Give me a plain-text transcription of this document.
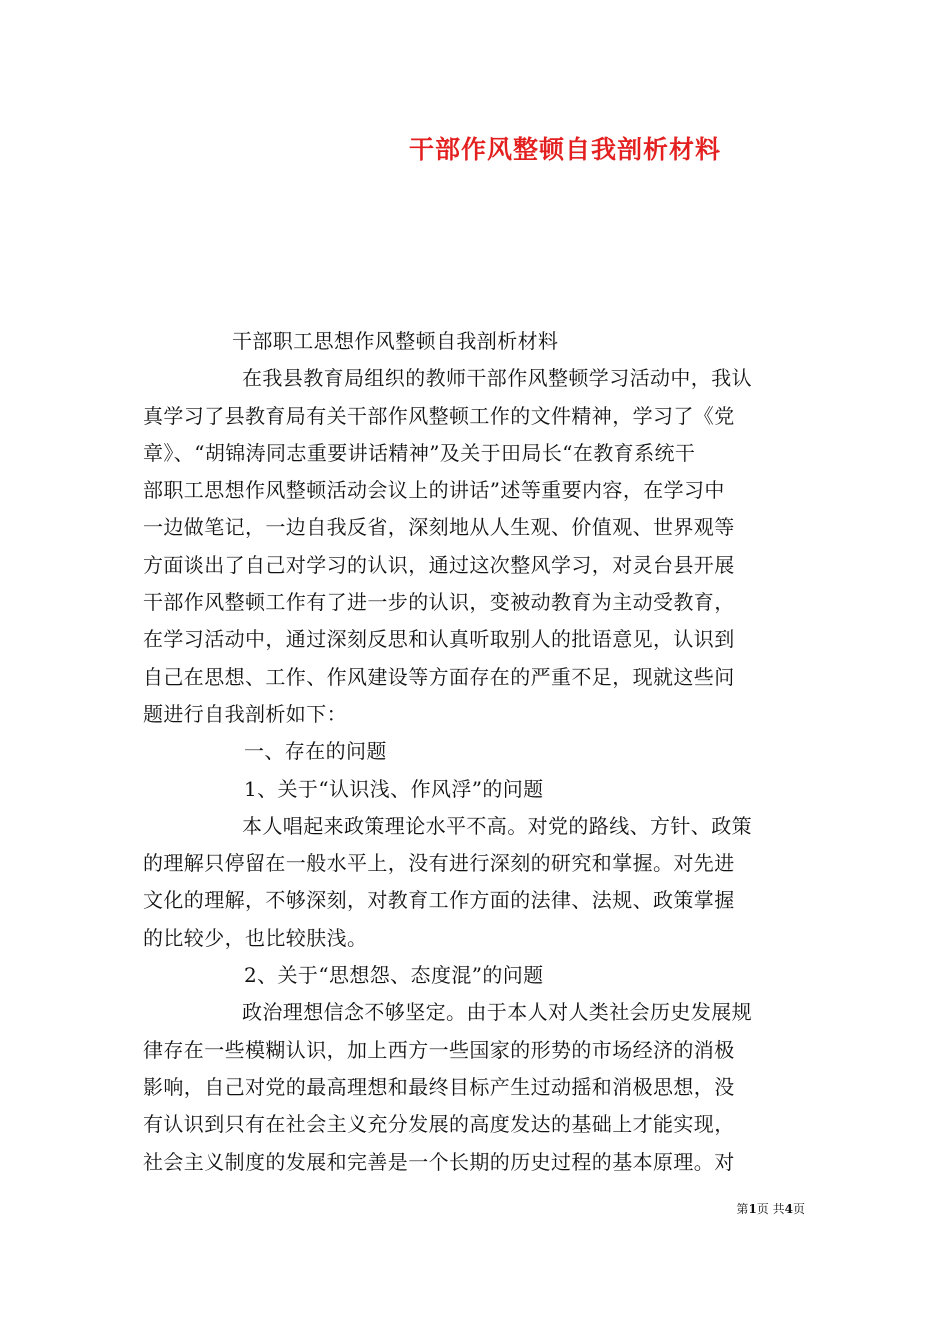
干部作风整顿自我剖析材料
干部职工思想作风整顿自我剖析材料
在我县教育局组织的教师干部作风整顿学习活动中，我认
真学习了县教育局有关干部作风整顿工作的文件精神，学习了《党
章》、“胡锦涛同志重要讲话精神”及关于田局长“在教育系统干
部职工思想作风整顿活动会议上的讲话”述等重要内容，在学习中
一边做笔记，一边自我反省，深刻地从人生观、价值观、世界观等
方面谈出了自己对学习的认识，通过这次整风学习，对灵台县开展
干部作风整顿工作有了进一步的认识，变被动教育为主动受教育，
在学习活动中，通过深刻反思和认真听取别人的批语意见，认识到
自己在思想、工作、作风建设等方面存在的严重不足，现就这些问
题进行自我剖析如下：
一、存在的问题
1、关于“认识浅、作风浮”的问题
本人唱起来政策理论水平不高。对党的路线、方针、政策
的理解只停留在一般水平上，没有进行深刻的研究和掌握。对先进
文化的理解，不够深刻，对教育工作方面的法律、法规、政策掌握
的比较少，也比较肤浅。
2、关于“思想怨、态度混”的问题
政治理想信念不够坚定。由于本人对人类社会历史发展规
律存在一些模糊认识，加上西方一些国家的形势的市场经济的消极
影响，自己对党的最高理想和最终目标产生过动摇和消极思想，没
有认识到只有在社会主义充分发展的高度发达的基础上才能实现，
社会主义制度的发展和完善是一个长期的历史过程的基本原理。对
第1页 共4页
